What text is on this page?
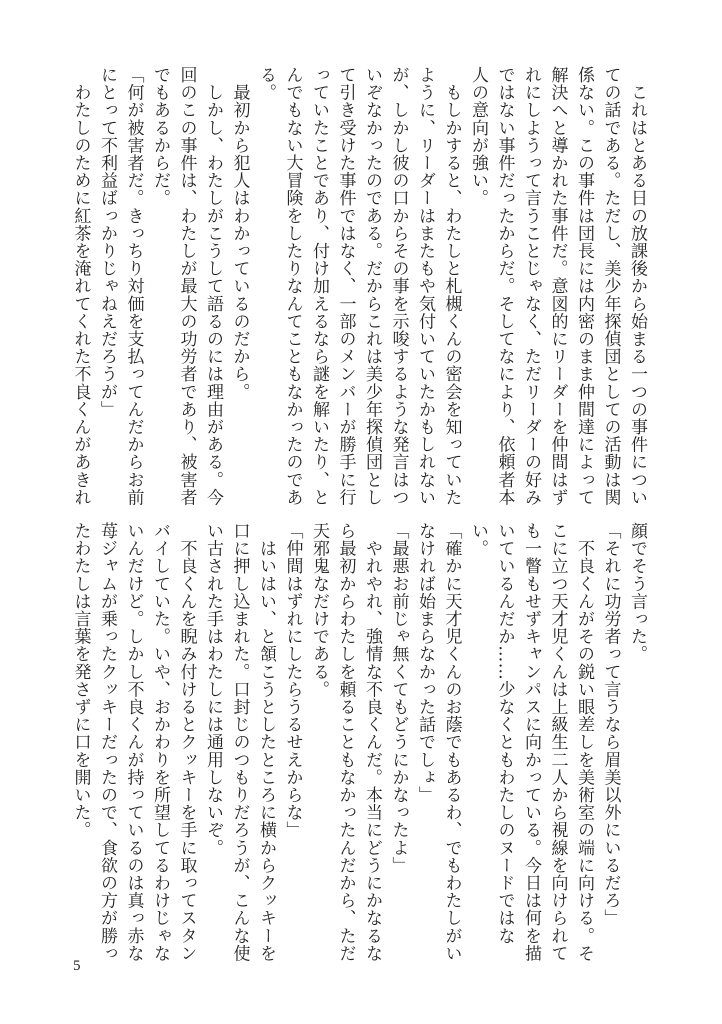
　これはとある日の放課後から始まる一つの事件につい
ての話である。ただし、美少年探偵団としての活動は関
係ない。この事件は団長には内密のまま仲間達によって
解決へと導かれた事件だ。意図的にリーダーを仲間はず
れにしようって言うことじゃなく、ただリーダーの好み
ではない事件だったからだ。そしてなにより、依頼者本
人の意向が強い。
　もしかすると、わたしと札槻くんの密会を知っていた
ように、リーダーはまたもや気付いていたかもしれない
が、しかし彼の口からその事を示唆するような発言はつ
いぞなかったのである。だからこれは美少年探偵団とし
て引き受けた事件ではなく、一部のメンバーが勝手に行
っていたことであり、付け加えるなら謎を解いたり、と
んでもない大冒険をしたりなんてこともなかったのであ
る。
　最初から犯人はわかっているのだから。
　しかし、わたしがこうして語るのには理由がある。今
回のこの事件は、わたしが最大の功労者であり、被害者
でもあるからだ。
「何が被害者だ。きっちり対価を支払ってんだからお前
にとって不利益ばっかりじゃねえだろうが」
　わたしのために紅茶を淹れてくれた不良くんがあきれ
顔でそう言った。
「それに功労者って言うなら眉美以外にいるだろ」
　不良くんがその鋭い眼差しを美術室の端に向ける。そ
こに立つ天才児くんは上級生二人から視線を向けられて
も一瞥もせずキャンパスに向かっている。今日は何を描
いているんだか……少なくともわたしのヌードではな
い。
「確かに天才児くんのお蔭でもあるわ、でもわたしがい
なければ始まらなかった話でしょ」
「最悪お前じゃ無くてもどうにかなったよ」
　やれやれ、強情な不良くんだ。本当にどうにかなるな
ら最初からわたしを頼ることもなかったんだから、ただ
天邪鬼なだけである。
「仲間はずれにしたらうるせえからな」
　はいはい、と頷こうとしたところに横からクッキーを
口に押し込まれた。口封じのつもりだろうが、こんな使
い古された手はわたしには通用しないぞ。
　不良くんを睨み付けるとクッキーを手に取ってスタン
バイしていた。いや、おかわりを所望してるわけじゃな
いんだけど。しかし不良くんが持っているのは真っ赤な
苺ジャムが乗ったクッキーだったので、食欲の方が勝っ
たわたしは言葉を発さずに口を開いた。
5
